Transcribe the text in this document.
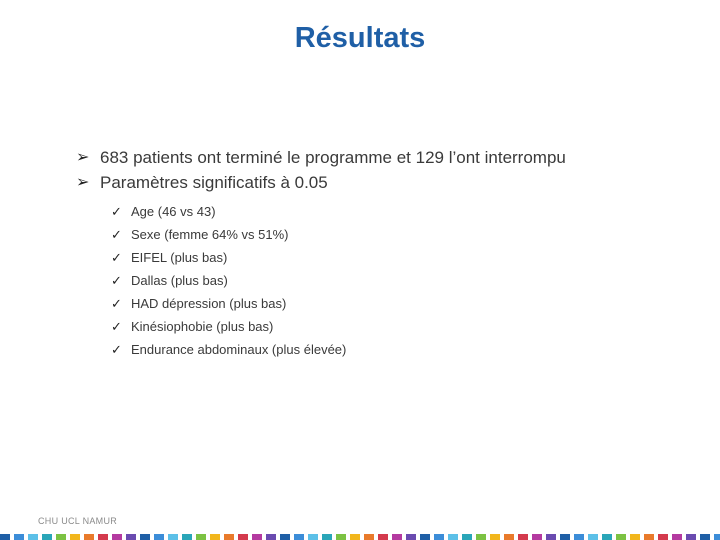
Résultats
➢ 683 patients ont terminé le programme et 129 l’ont interrompu
➢ Paramètres significatifs à 0.05
✓ Age (46 vs 43)
✓ Sexe (femme 64% vs 51%)
✓ EIFEL (plus bas)
✓ Dallas (plus bas)
✓ HAD dépression (plus bas)
✓ Kinésiophobie (plus bas)
✓ Endurance abdominaux (plus élevée)
CHU UCL NAMUR
